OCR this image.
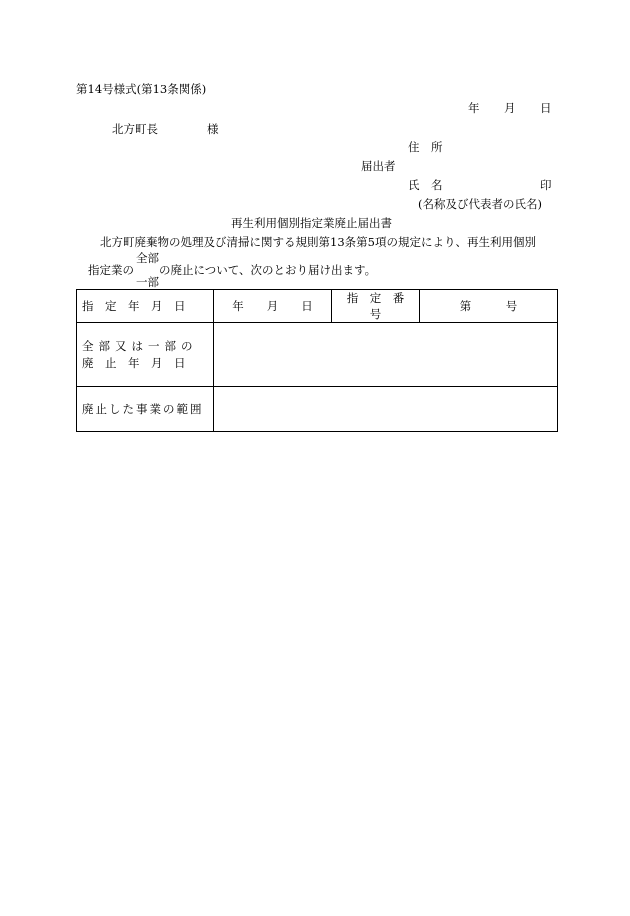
第14号様式(第13条関係)
年 月 日
北方町長	様
住　所
届出者
氏　名	印
(名称及び代表者の氏名)
再生利用個別指定業廃止届出書
北方町廃棄物の処理及び清掃に関する規則第13条第5項の規定により、再生利用個別
全部
指定業の の廃止について、次のとおり届け出ます。
一部
指　定　年　月　日	年　　月　　日	指　定　番　号	第　　　号

全部又は一部の
廃　止　年　月　日			

廃止した事業の範囲			
